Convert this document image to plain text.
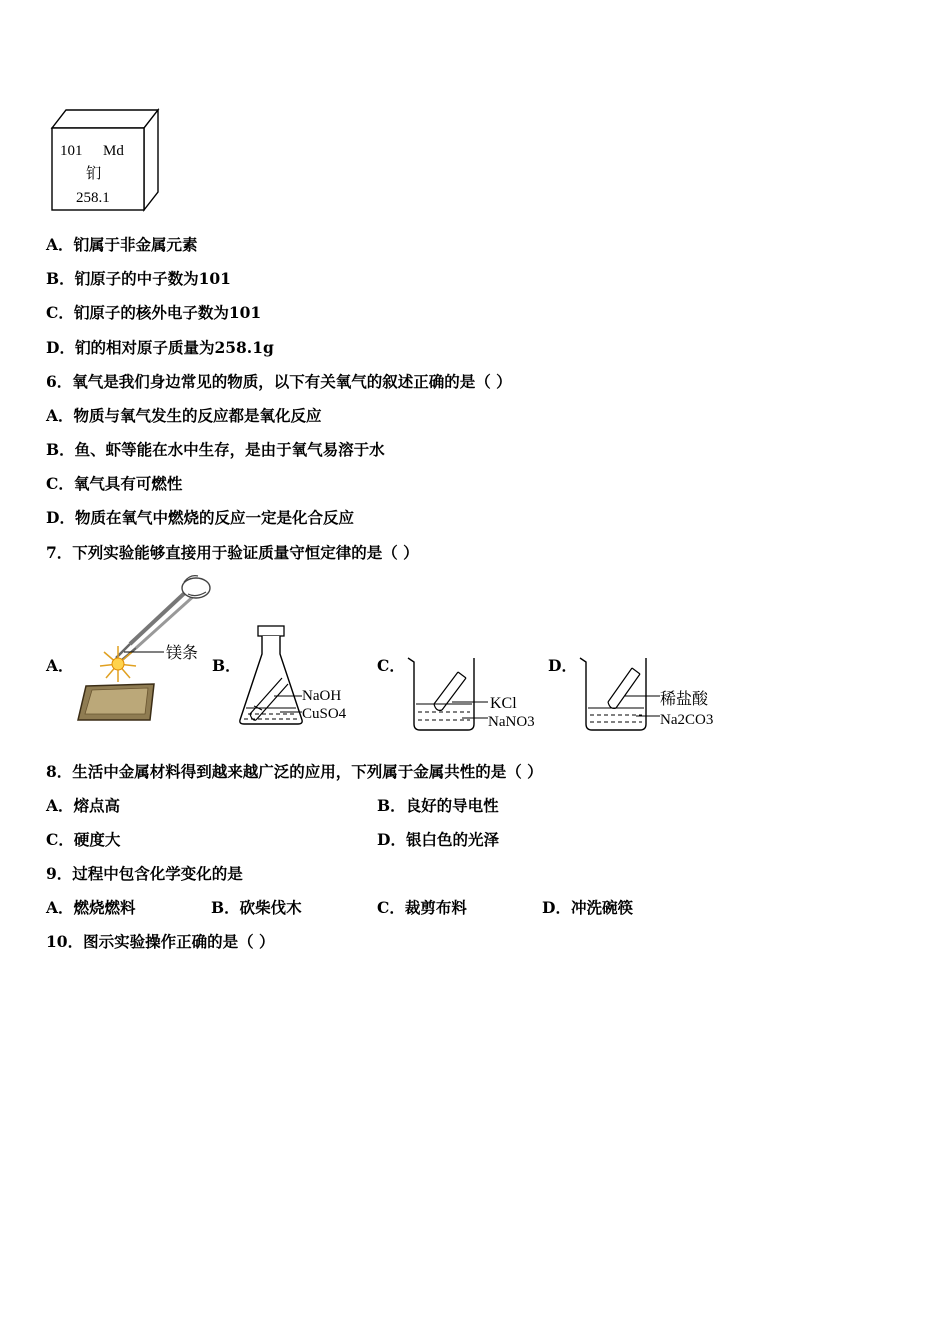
101 Md
钔
258.1
A．钔属于非金属元素
B．钔原子的中子数为101
C．钔原子的核外电子数为101
D．钔的相对原子质量为258.1g
6．氧气是我们身边常见的物质，以下有关氧气的叙述正确的是（ ）
A．物质与氧气发生的反应都是氧化反应
B．鱼、虾等能在水中生存，是由于氧气易溶于水
C．氧气具有可燃性
D．物质在氧气中燃烧的反应一定是化合反应
7．下列实验能够直接用于验证质量守恒定律的是（ ）
A．
镁条
B．
NaOH
CuSO4
C．
KCl
NaNO3
D．
稀盐酸
Na2CO3
8．生活中金属材料得到越来越广泛的应用，下列属于金属共性的是（ ）
A．熔点高	B．良好的导电性
C．硬度大	D．银白色的光泽
9．过程中包含化学变化的是
A．燃烧燃料	B．砍柴伐木	C．裁剪布料	D．冲洗碗筷
10．图示实验操作正确的是（ ）
